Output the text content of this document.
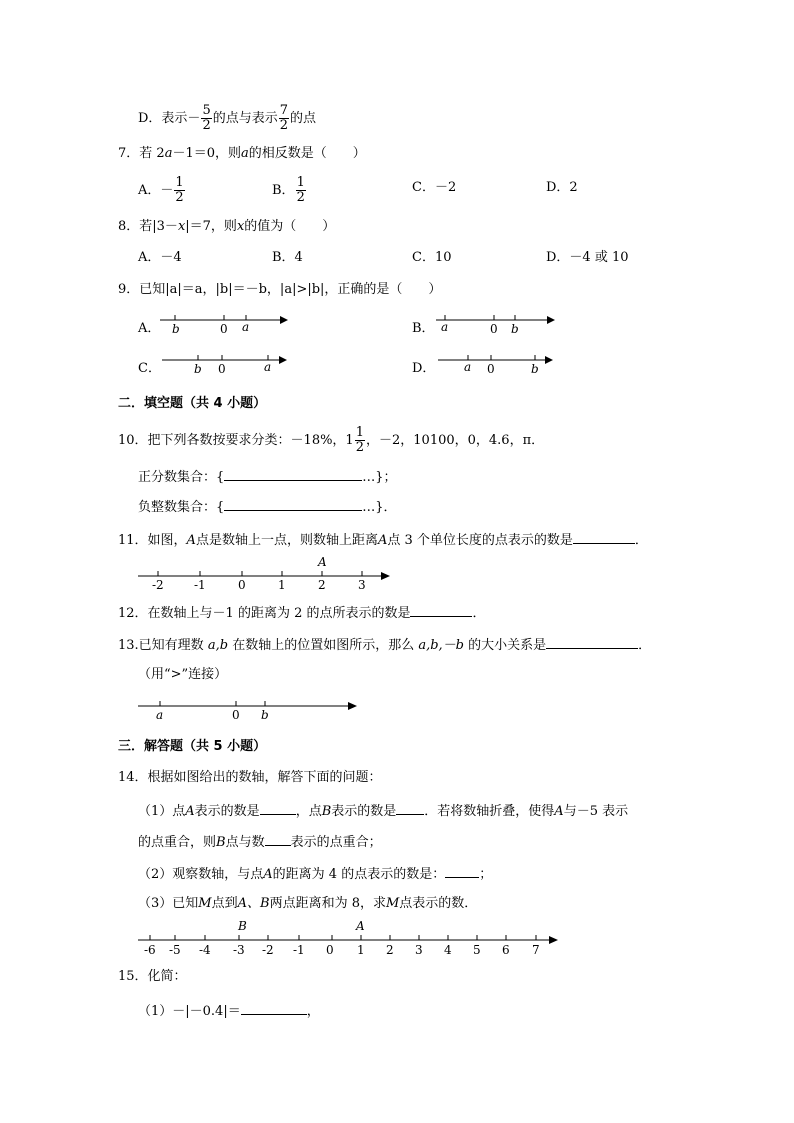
D．表示－ $\frac{5}{2}$ 的点与表示 $\frac{7}{2}$ 的点
7．若 2a－1＝0，则a的相反数是（　　）
A．－ $\frac{1}{2}$	B． $\frac{1}{2}$	C．－2	D．2
8．若|3－x|＝7，则x的值为（　　）
A．－4	B．4	C．10	D．－4 或 10
9．已知|a|＝a，|b|＝－b，|a|>|b|，正确的是（　　）
A． b	0 a	B． a	0 b
C．	b 0	a	D． a 0	b
二．填空题（共 4 小题）
10．把下列各数按要求分类：－18%，$1 \frac{1}{2}$ ，－2，10100，0，4.6，π．
正分数集合：{	…}；
负整数集合：{	…}．
11．如图，A点是数轴上一点，则数轴上距离A点 3 个单位长度的点表示的数是	．
A
-2	-1	0	1	2	3
12．在数轴上与－1 的距离为 2 的点所表示的数是	．
13.已知有理数 a,b 在数轴上的位置如图所示，那么 a,b,－b 的大小关系是	．
（用“>”连接）
a	0 b
三．解答题（共 5 小题）
14．根据如图给出的数轴，解答下面的问题：
（1）点A表示的数是	，点B表示的数是 ．若将数轴折叠，使得A与－5 表示
的点重合，则B点与数 表示的点重合；
（2）观察数轴，与点A的距离为 4 的点表示的数是：	；
（3）已知M点到A、B两点距离和为 8，求M点表示的数．
B	A
-6 -5 -4 -3 -2 -1 0 1 2 3 4 5 6 7
15．化简：
（1）－|－0.4|＝	，
